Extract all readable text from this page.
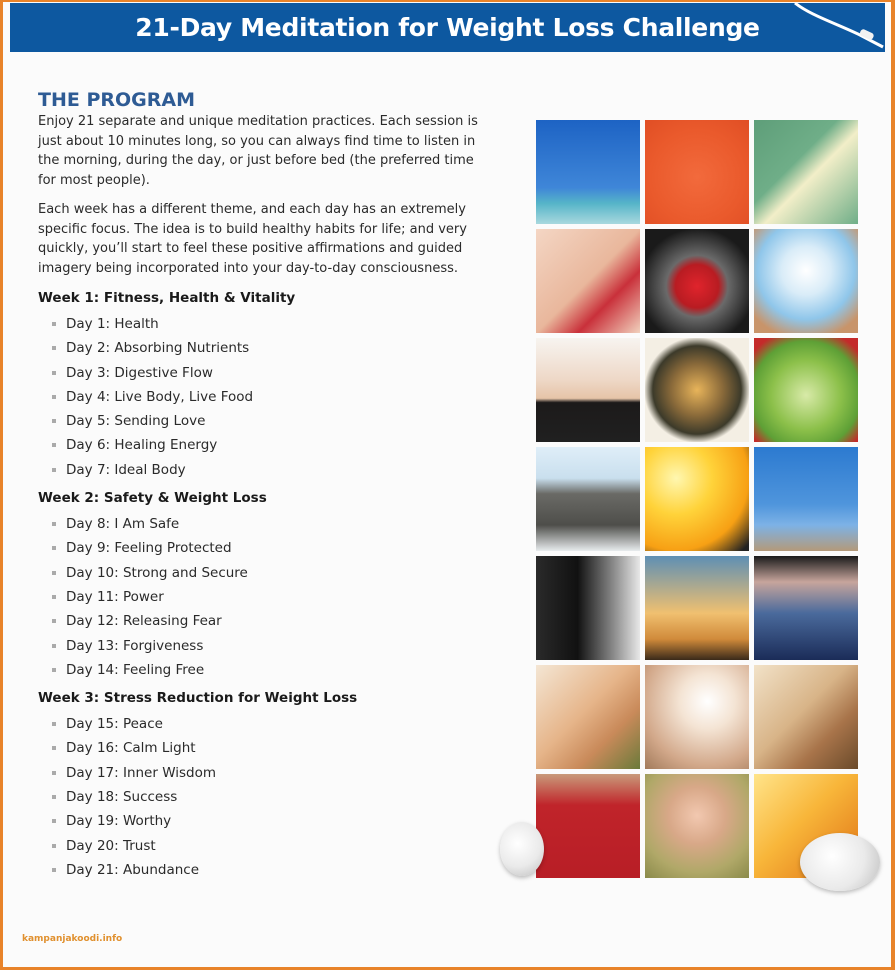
21-Day Meditation for Weight Loss Challenge
THE PROGRAM

Enjoy 21 separate and unique meditation practices. Each session is just about 10 minutes long, so you can always find time to listen in the morning, during the day, or just before bed (the preferred time for most people).

Each week has a different theme, and each day has an extremely specific focus. The idea is to build healthy habits for life; and very quickly, you’ll start to feel these positive affirmations and guided imagery being incorporated into your day-to-day consciousness.

Week 1: Fitness, Health & Vitality
Day 1: Health
Day 2: Absorbing Nutrients
Day 3: Digestive Flow
Day 4: Live Body, Live Food
Day 5: Sending Love
Day 6: Healing Energy
Day 7: Ideal Body
Week 2: Safety & Weight Loss
Day 8: I Am Safe
Day 9: Feeling Protected
Day 10: Strong and Secure
Day 11: Power
Day 12: Releasing Fear
Day 13: Forgiveness
Day 14: Feeling Free
Week 3: Stress Reduction for Weight Loss
Day 15: Peace
Day 16: Calm Light
Day 17: Inner Wisdom
Day 18: Success
Day 19: Worthy
Day 20: Trust
Day 21: Abundance
kampanjakoodi.info
